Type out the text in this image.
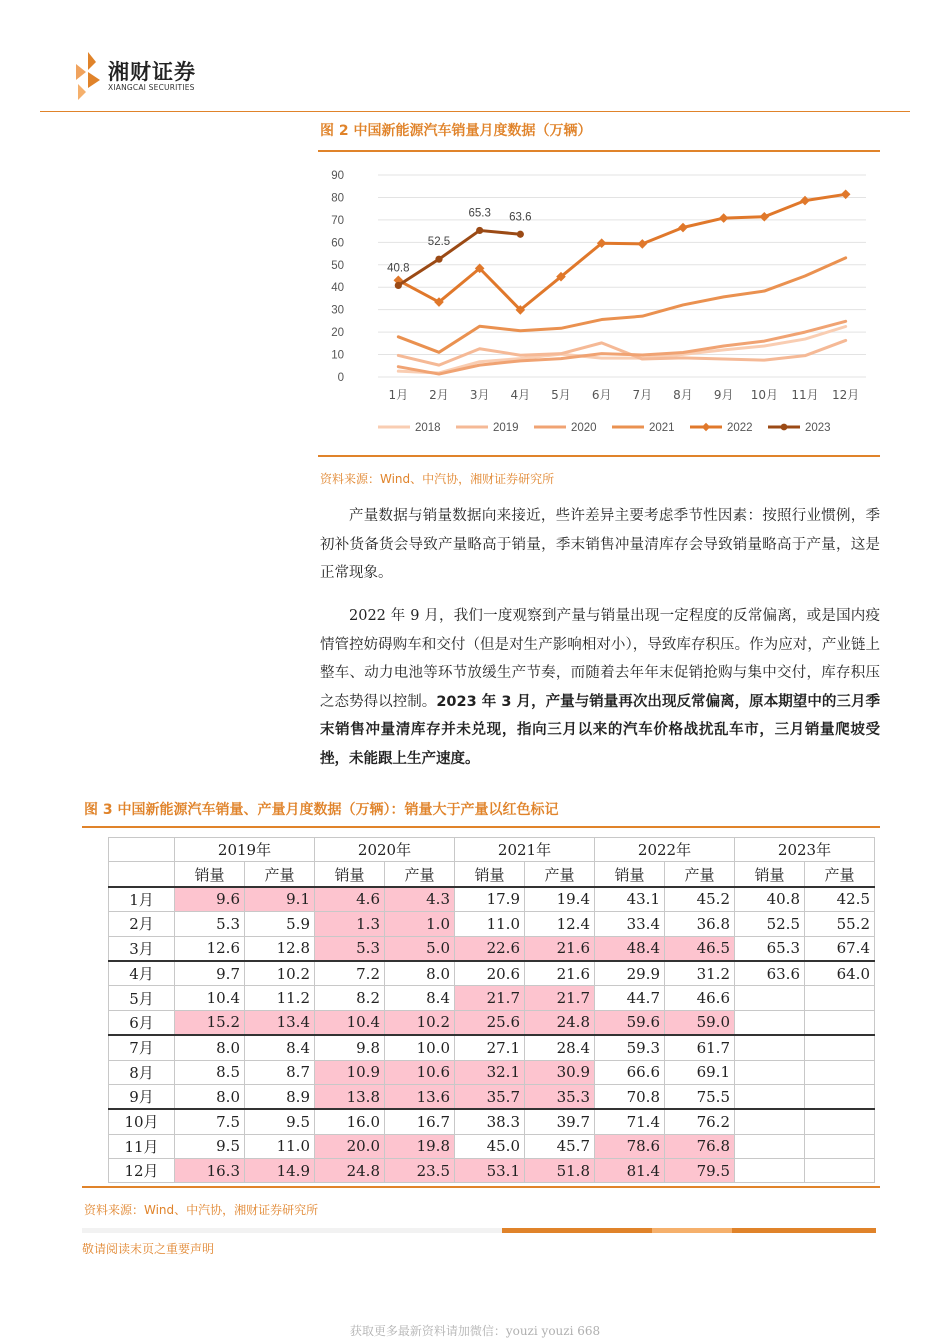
湘财证券
XIANGCAI SECURITIES
图 2 中国新能源汽车销量月度数据（万辆）
0
10
20
30
40
50
60
70
80
90
1月 2月 3月 4月 5月 6月 7月 8月 9月 10月 11月 12月
40.8
52.5
65.3 63.6
2018	2019	2020	2021	2022	2023
资料来源：Wind、中汽协，湘财证券研究所

产量数据与销量数据向来接近，些许差异主要考虑季节性因素：按照行业惯例，季初补货备货会导致产量略高于销量，季末销售冲量清库存会导致销量略高于产量，这是正常现象。

2022 年 9 月，我们一度观察到产量与销量出现一定程度的反常偏离，或是国内疫情管控妨碍购车和交付（但是对生产影响相对小），导致库存积压。作为应对，产业链上整车、动力电池等环节放缓生产节奏，而随着去年年末促销抢购与集中交付，库存积压之态势得以控制。2023 年 3 月，产量与销量再次出现反常偏离，原本期望中的三月季末销售冲量清库存并未兑现，指向三月以来的汽车价格战扰乱车市，三月销量爬坡受挫，未能跟上生产速度。

图 3 中国新能源汽车销量、产量月度数据（万辆）：销量大于产量以红色标记
	2019年		2020年		2021年		2022年		2023年	
	销量	产量	销量	产量	销量	产量	销量	产量	销量	产量
1月	9.6	9.1	4.6	4.3	17.9	19.4	43.1	45.2	40.8	42.5
2月	5.3	5.9	1.3	1.0	11.0	12.4	33.4	36.8	52.5	55.2
3月	12.6	12.8	5.3	5.0	22.6	21.6	48.4	46.5	65.3	67.4
4月	9.7	10.2	7.2	8.0	20.6	21.6	29.9	31.2	63.6	64.0
5月	10.4	11.2	8.2	8.4	21.7	21.7	44.7	46.6		
6月	15.2	13.4	10.4	10.2	25.6	24.8	59.6	59.0		
7月	8.0	8.4	9.8	10.0	27.1	28.4	59.3	61.7		
8月	8.5	8.7	10.9	10.6	32.1	30.9	66.6	69.1		
9月	8.0	8.9	13.8	13.6	35.7	35.3	70.8	75.5		
10月	7.5	9.5	16.0	16.7	38.3	39.7	71.4	76.2		
11月	9.5	11.0	20.0	19.8	45.0	45.7	78.6	76.8		
12月	16.3	14.9	24.8	23.5	53.1	51.8	81.4	79.5		
资料来源：Wind、中汽协，湘财证券研究所
敬请阅读末页之重要声明
获取更多最新资料请加微信：youzi youzi 668
